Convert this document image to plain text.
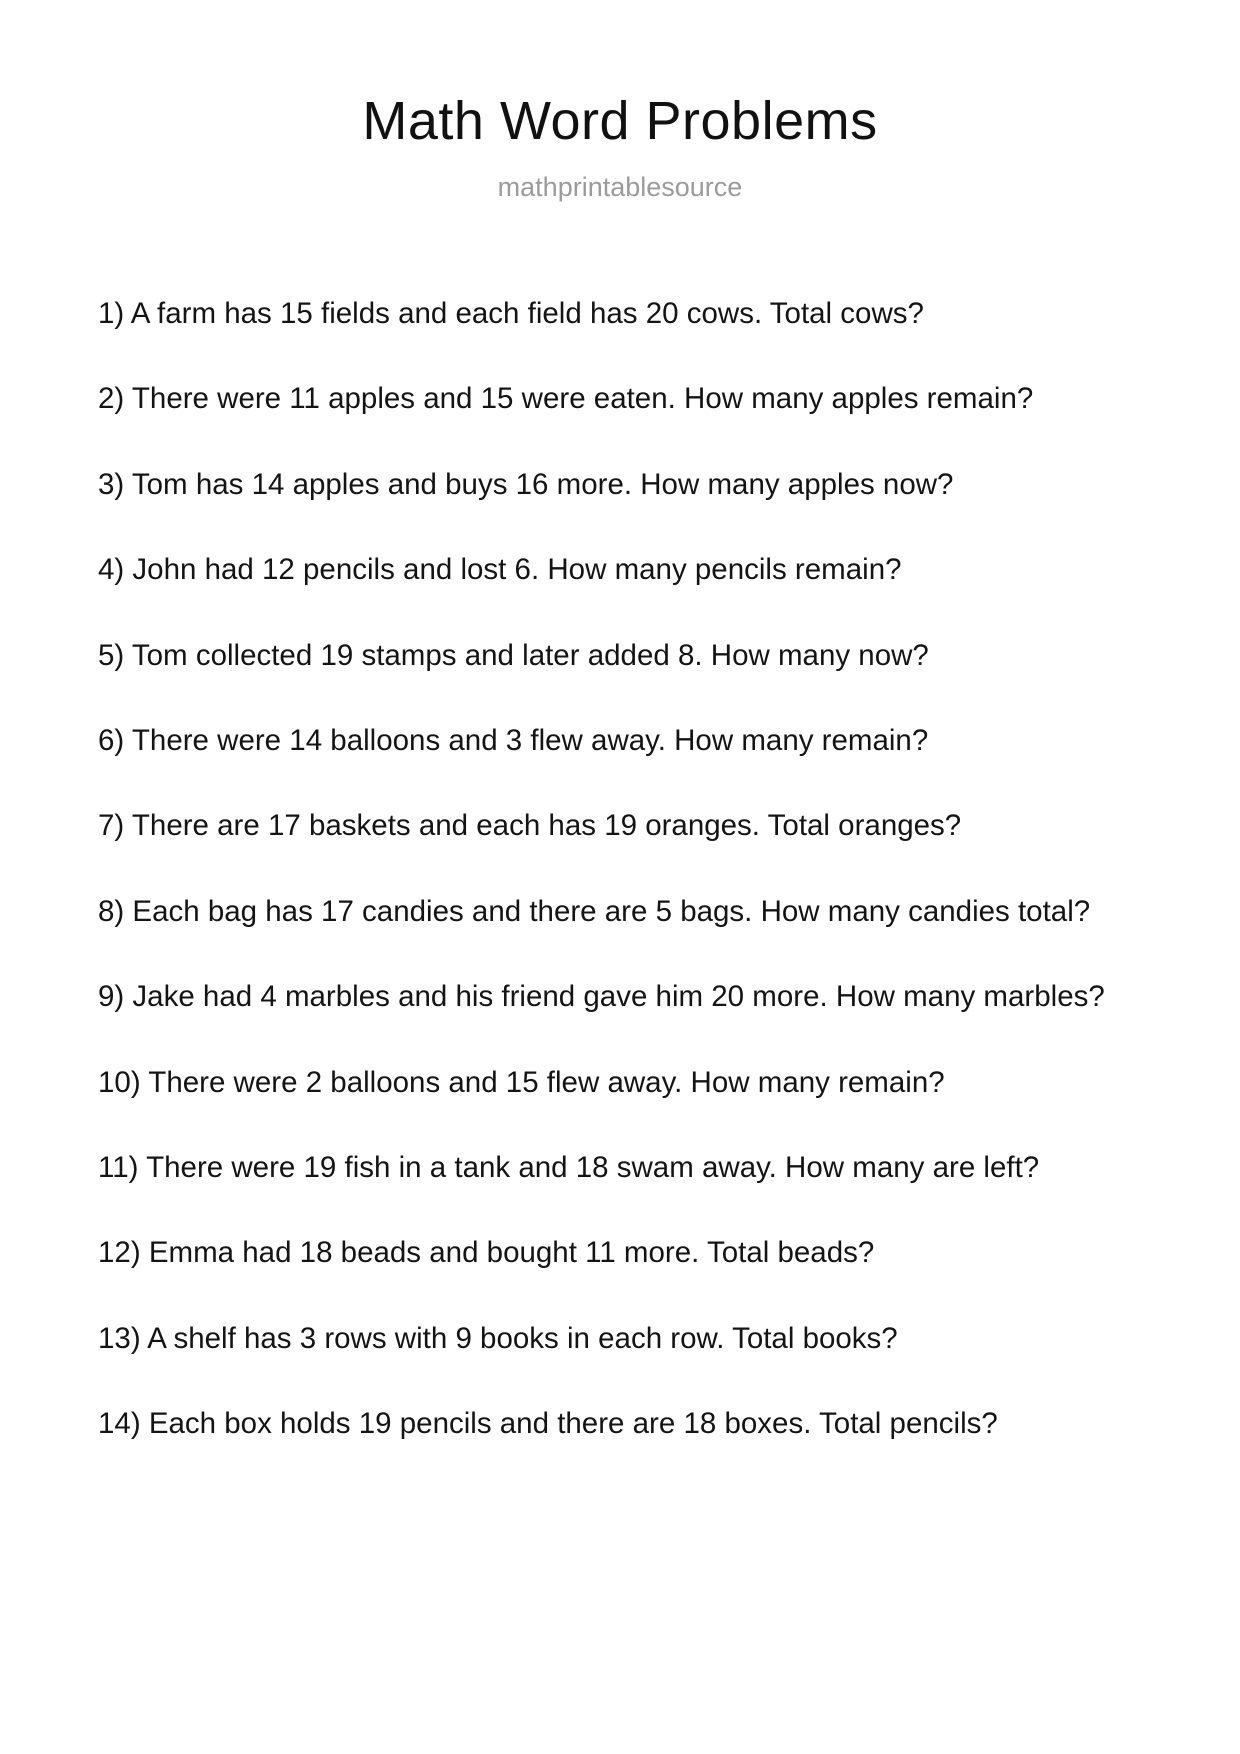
Math Word Problems
mathprintablesource
1) A farm has 15 fields and each field has 20 cows. Total cows?
2) There were 11 apples and 15 were eaten. How many apples remain?
3) Tom has 14 apples and buys 16 more. How many apples now?
4) John had 12 pencils and lost 6. How many pencils remain?
5) Tom collected 19 stamps and later added 8. How many now?
6) There were 14 balloons and 3 flew away. How many remain?
7) There are 17 baskets and each has 19 oranges. Total oranges?
8) Each bag has 17 candies and there are 5 bags. How many candies total?
9) Jake had 4 marbles and his friend gave him 20 more. How many marbles?
10) There were 2 balloons and 15 flew away. How many remain?
11) There were 19 fish in a tank and 18 swam away. How many are left?
12) Emma had 18 beads and bought 11 more. Total beads?
13) A shelf has 3 rows with 9 books in each row. Total books?
14) Each box holds 19 pencils and there are 18 boxes. Total pencils?
